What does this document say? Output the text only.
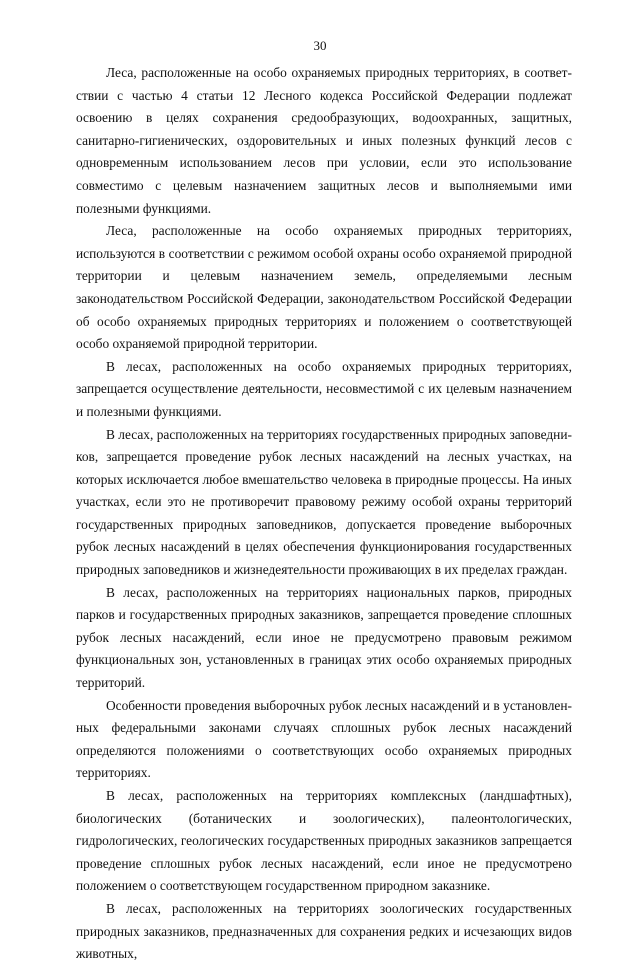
30

Леса, расположенные на особо охраняемых природных территориях, в соответствии с частью 4 статьи 12 Лесного кодекса Российской Федерации подлежат освоению в целях сохранения средообразующих, водоохранных, защитных, санитарно-гигиенических, оздоровительных и иных полезных функций лесов с одновременным использованием лесов при условии, если это использование совместимо с целевым назначением защитных лесов и выполняемыми ими полезными функциями.

Леса, расположенные на особо охраняемых природных территориях, используются в соответствии с режимом особой охраны особо охраняемой природной территории и целевым назначением земель, определяемыми лесным законодательством Российской Федерации, законодательством Российской Федерации об особо охраняемых природных территориях и положением о соответствующей особо охраняемой природной территории.

В лесах, расположенных на особо охраняемых природных территориях, запрещается осуществление деятельности, несовместимой с их целевым назначением и полезными функциями.

В лесах, расположенных на территориях государственных природных заповедников, запрещается проведение рубок лесных насаждений на лесных участках, на которых исключается любое вмешательство человека в природные процессы. На иных участках, если это не противоречит правовому режиму особой охраны территорий государственных природных заповедников, допускается проведение выборочных рубок лесных насаждений в целях обеспечения функционирования государственных природных заповедников и жизнедеятельности проживающих в их пределах граждан.

В лесах, расположенных на территориях национальных парков, природных парков и государственных природных заказников, запрещается проведение сплошных рубок лесных насаждений, если иное не предусмотрено правовым режимом функциональных зон, установленных в границах этих особо охраняемых природных территорий.

Особенности проведения выборочных рубок лесных насаждений и в установленных федеральными законами случаях сплошных рубок лесных насаждений определяются положениями о соответствующих особо охраняемых природных территориях.

В лесах, расположенных на территориях комплексных (ландшафтных), биологических (ботанических и зоологических), палеонтологических, гидрологических, геологических государственных природных заказников запрещается проведение сплошных рубок лесных насаждений, если иное не предусмотрено положением о соответствующем государственном природном заказнике.

В лесах, расположенных на территориях зоологических государственных природных заказников, предназначенных для сохранения редких и исчезающих видов животных,
